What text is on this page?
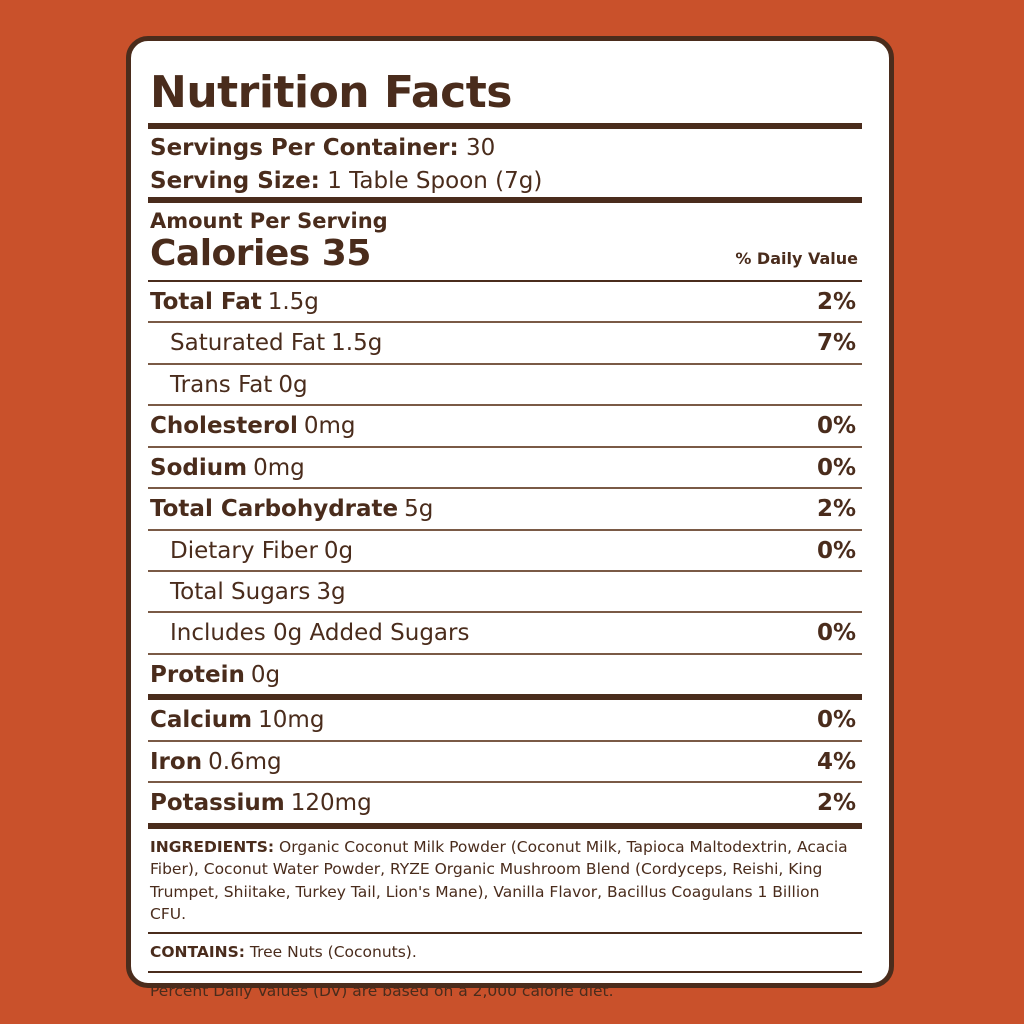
Nutrition Facts
Servings Per Container: 30
Serving Size: 1 Table Spoon (7g)
Amount Per Serving
Calories 35	% Daily Value
Total Fat 1.5g	2%
Saturated Fat 1.5g	7%
Trans Fat 0g
Cholesterol 0mg	0%
Sodium 0mg	0%
Total Carbohydrate 5g	2%
Dietary Fiber 0g	0%
Total Sugars 3g
Includes 0g Added Sugars	0%
Protein 0g
Calcium 10mg	0%
Iron 0.6mg	4%
Potassium 120mg	2%
INGREDIENTS: Organic Coconut Milk Powder (Coconut Milk, Tapioca Maltodextrin, Acacia Fiber), Coconut Water Powder, RYZE Organic Mushroom Blend (Cordyceps, Reishi, King Trumpet, Shiitake, Turkey Tail, Lion's Mane), Vanilla Flavor, Bacillus Coagulans 1 Billion CFU.
CONTAINS: Tree Nuts (Coconuts).
Percent Daily Values (DV) are based on a 2,000 calorie diet.
